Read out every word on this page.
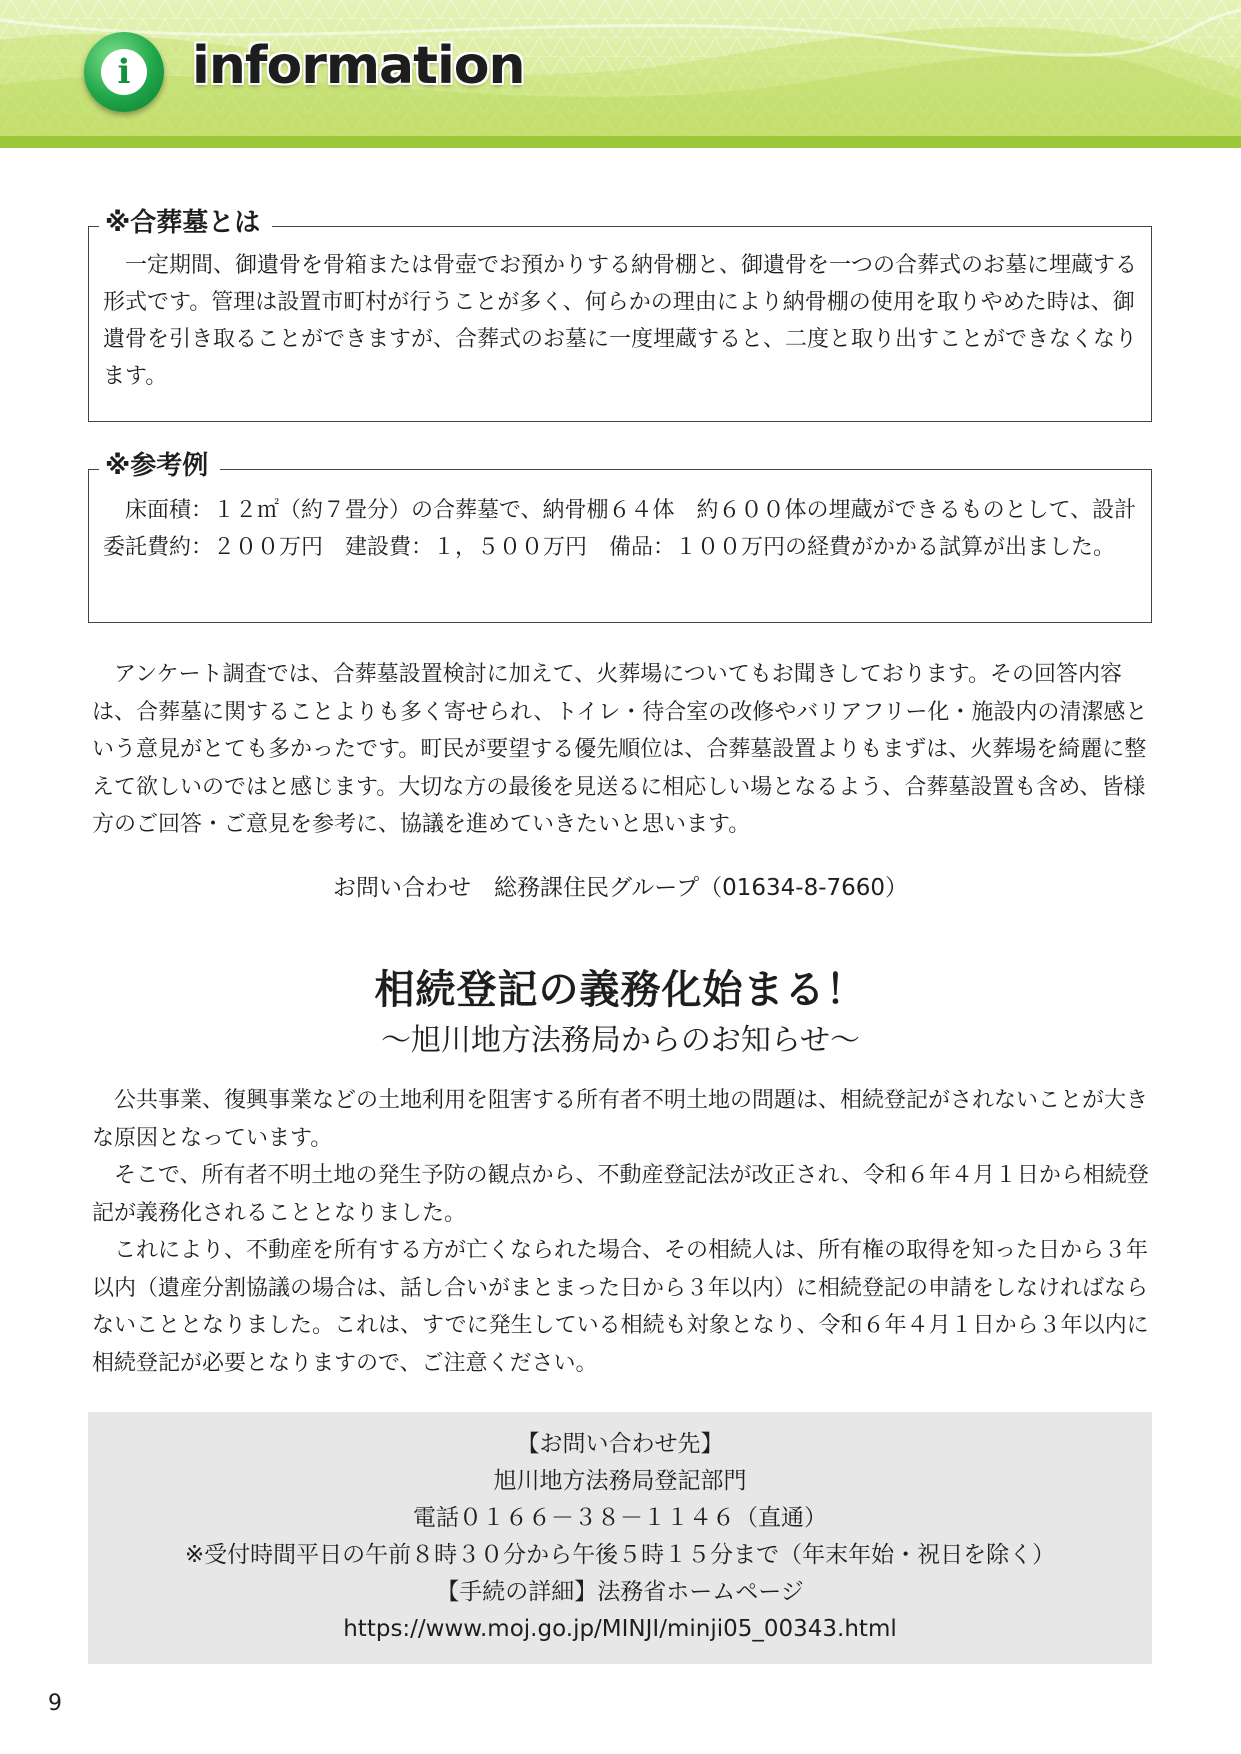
i	information
※合葬墓とは

一定期間、御遺骨を骨箱または骨壺でお預かりする納骨棚と、御遺骨を一つの合葬式のお墓に埋蔵する形式です。管理は設置市町村が行うことが多く、何らかの理由により納骨棚の使用を取りやめた時は、御遺骨を引き取ることができますが、合葬式のお墓に一度埋蔵すると、二度と取り出すことができなくなります。

※参考例

床面積：１２㎡（約７畳分）の合葬墓で、納骨棚６４体　約６００体の埋蔵ができるものとして、設計委託費約：２００万円　建設費：１，５００万円　備品：１００万円の経費がかかる試算が出ました。

アンケート調査では、合葬墓設置検討に加えて、火葬場についてもお聞きしております。その回答内容は、合葬墓に関することよりも多く寄せられ、トイレ・待合室の改修やバリアフリー化・施設内の清潔感という意見がとても多かったです。町民が要望する優先順位は、合葬墓設置よりもまずは、火葬場を綺麗に整えて欲しいのではと感じます。大切な方の最後を見送るに相応しい場となるよう、合葬墓設置も含め、皆様方のご回答・ご意見を参考に、協議を進めていきたいと思います。

お問い合わせ　総務課住民グループ（01634-8-7660）
相続登記の義務化始まる！
～旭川地方法務局からのお知らせ～

公共事業、復興事業などの土地利用を阻害する所有者不明土地の問題は、相続登記がされないことが大きな原因となっています。

そこで、所有者不明土地の発生予防の観点から、不動産登記法が改正され、令和６年４月１日から相続登記が義務化されることとなりました。

これにより、不動産を所有する方が亡くなられた場合、その相続人は、所有権の取得を知った日から３年以内（遺産分割協議の場合は、話し合いがまとまった日から３年以内）に相続登記の申請をしなければならないこととなりました。これは、すでに発生している相続も対象となり、令和６年４月１日から３年以内に相続登記が必要となりますので、ご注意ください。

【お問い合わせ先】
旭川地方法務局登記部門
電話０１６６－３８－１１４６（直通）
※受付時間平日の午前８時３０分から午後５時１５分まで（年末年始・祝日を除く）
【手続の詳細】法務省ホームページ
https://www.moj.go.jp/MINJI/minji05_00343.html
9
